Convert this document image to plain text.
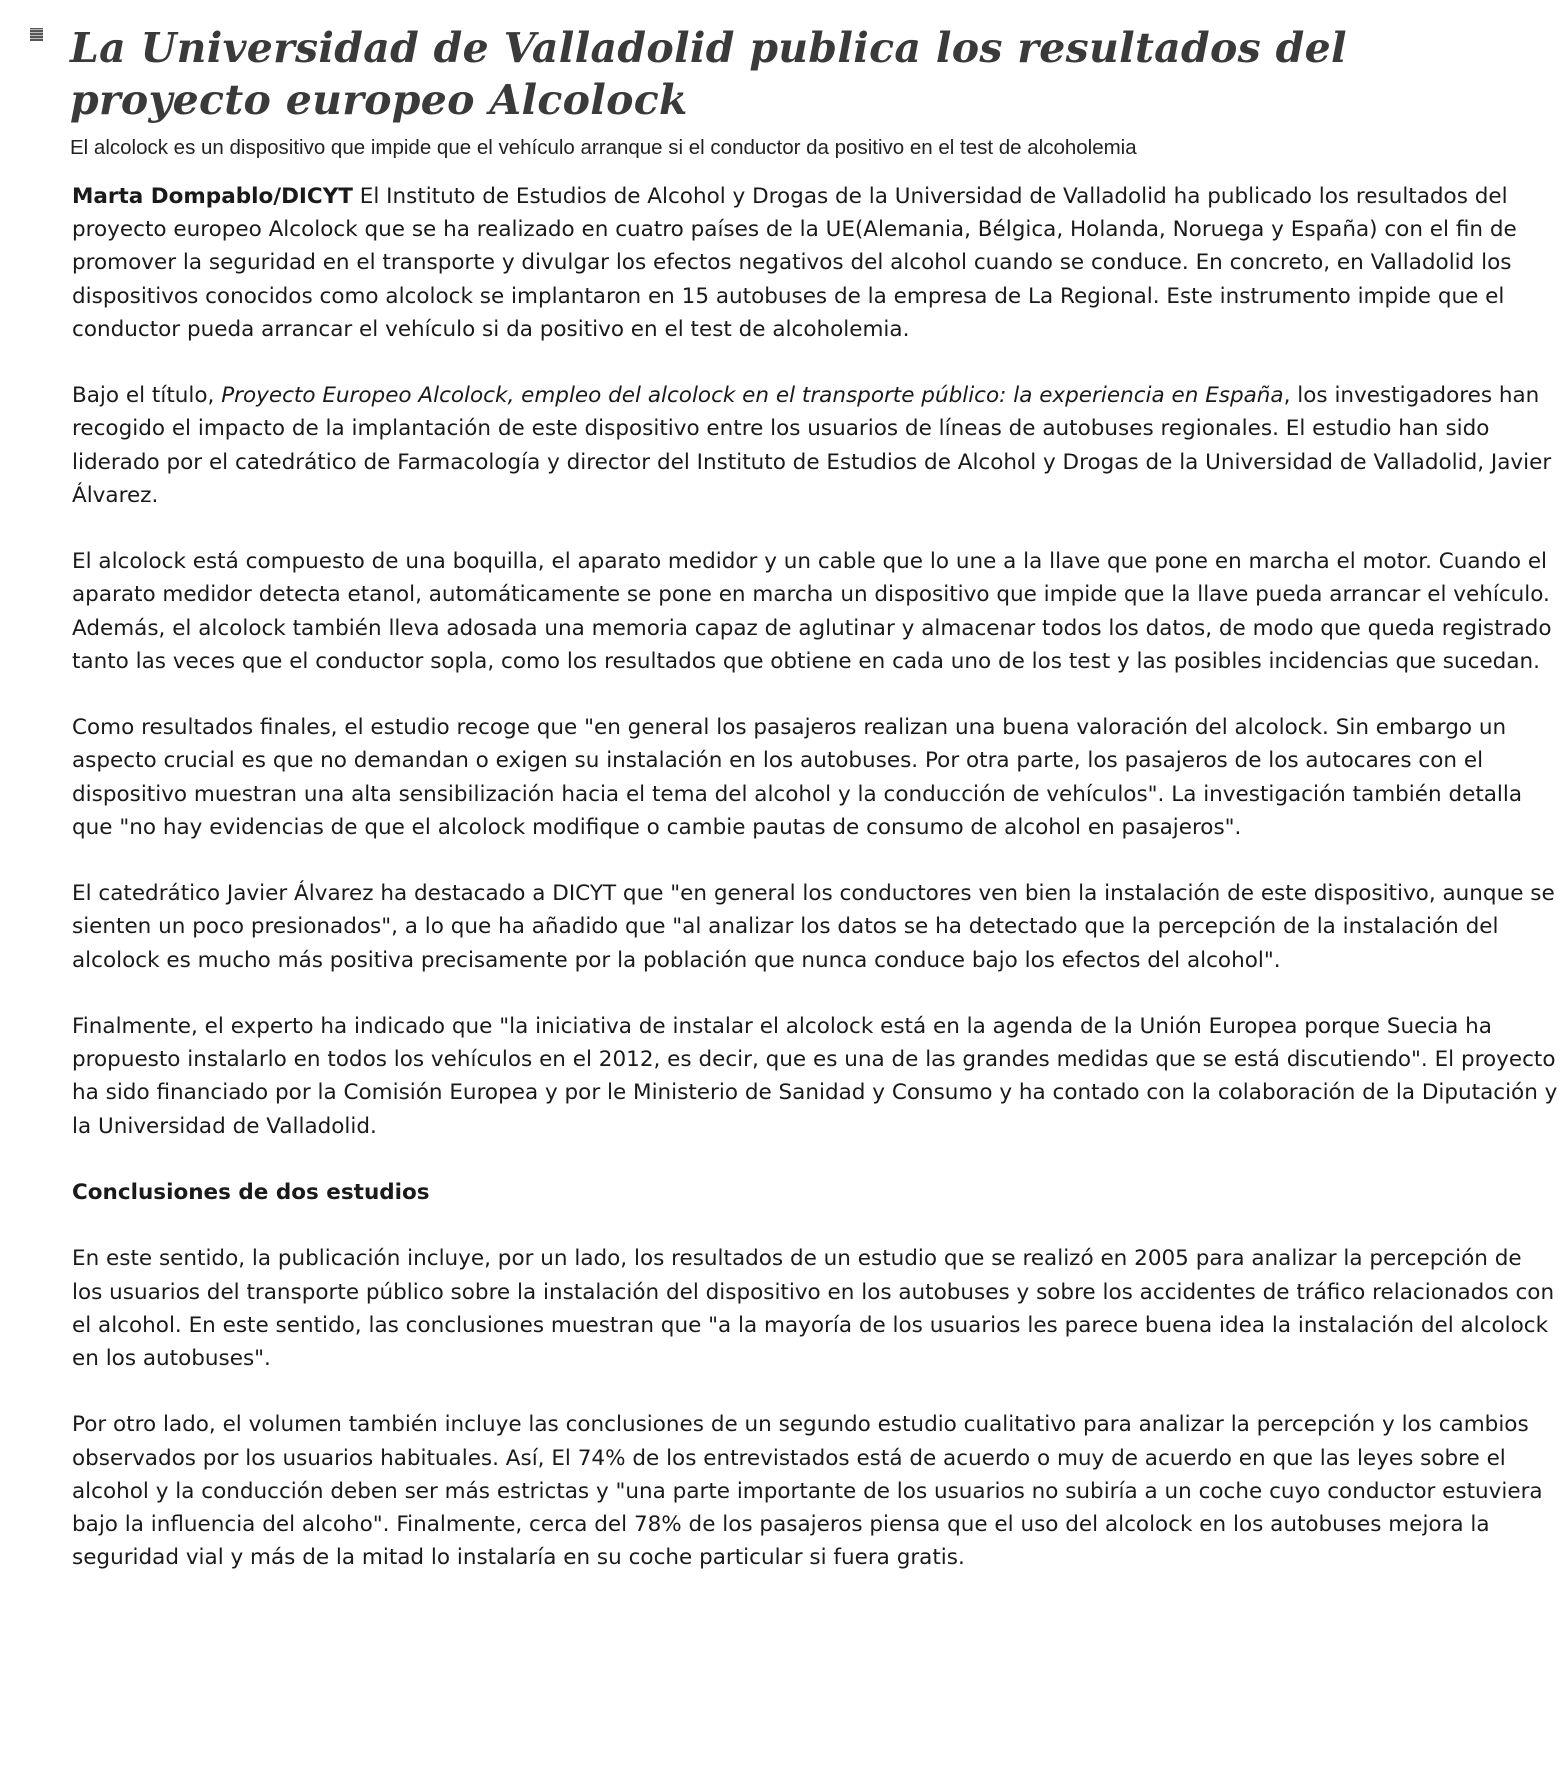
La Universidad de Valladolid publica los resultados del proyecto europeo Alcolock

El alcolock es un dispositivo que impide que el vehículo arranque si el conductor da positivo en el test de alcoholemia

Marta Dompablo/DICYT El Instituto de Estudios de Alcohol y Drogas de la Universidad de Valladolid ha publicado los resultados del proyecto europeo Alcolock que se ha realizado en cuatro países de la UE(Alemania, Bélgica, Holanda, Noruega y España) con el fin de promover la seguridad en el transporte y divulgar los efectos negativos del alcohol cuando se conduce. En concreto, en Valladolid los dispositivos conocidos como alcolock se implantaron en 15 autobuses de la empresa de La Regional. Este instrumento impide que el conductor pueda arrancar el vehículo si da positivo en el test de alcoholemia.

Bajo el título, Proyecto Europeo Alcolock, empleo del alcolock en el transporte público: la experiencia en España, los investigadores han recogido el impacto de la implantación de este dispositivo entre los usuarios de líneas de autobuses regionales. El estudio han sido liderado por el catedrático de Farmacología y director del Instituto de Estudios de Alcohol y Drogas de la Universidad de Valladolid, Javier Álvarez.

El alcolock está compuesto de una boquilla, el aparato medidor y un cable que lo une a la llave que pone en marcha el motor. Cuando el aparato medidor detecta etanol, automáticamente se pone en marcha un dispositivo que impide que la llave pueda arrancar el vehículo. Además, el alcolock también lleva adosada una memoria capaz de aglutinar y almacenar todos los datos, de modo que queda registrado tanto las veces que el conductor sopla, como los resultados que obtiene en cada uno de los test y las posibles incidencias que sucedan.

Como resultados finales, el estudio recoge que "en general los pasajeros realizan una buena valoración del alcolock. Sin embargo un aspecto crucial es que no demandan o exigen su instalación en los autobuses. Por otra parte, los pasajeros de los autocares con el dispositivo muestran una alta sensibilización hacia el tema del alcohol y la conducción de vehículos". La investigación también detalla que "no hay evidencias de que el alcolock modifique o cambie pautas de consumo de alcohol en pasajeros".

El catedrático Javier Álvarez ha destacado a DICYT que "en general los conductores ven bien la instalación de este dispositivo, aunque se sienten un poco presionados", a lo que ha añadido que "al analizar los datos se ha detectado que la percepción de la instalación del alcolock es mucho más positiva precisamente por la población que nunca conduce bajo los efectos del alcohol".

Finalmente, el experto ha indicado que "la iniciativa de instalar el alcolock está en la agenda de la Unión Europea porque Suecia ha propuesto instalarlo en todos los vehículos en el 2012, es decir, que es una de las grandes medidas que se está discutiendo". El proyecto ha sido financiado por la Comisión Europea y por le Ministerio de Sanidad y Consumo y ha contado con la colaboración de la Diputación y la Universidad de Valladolid.

Conclusiones de dos estudios

En este sentido, la publicación incluye, por un lado, los resultados de un estudio que se realizó en 2005 para analizar la percepción de los usuarios del transporte público sobre la instalación del dispositivo en los autobuses y sobre los accidentes de tráfico relacionados con el alcohol. En este sentido, las conclusiones muestran que "a la mayoría de los usuarios les parece buena idea la instalación del alcolock en los autobuses".

Por otro lado, el volumen también incluye las conclusiones de un segundo estudio cualitativo para analizar la percepción y los cambios observados por los usuarios habituales. Así, El 74% de los entrevistados está de acuerdo o muy de acuerdo en que las leyes sobre el alcohol y la conducción deben ser más estrictas y "una parte importante de los usuarios no subiría a un coche cuyo conductor estuviera bajo la influencia del alcoho". Finalmente, cerca del 78% de los pasajeros piensa que el uso del alcolock en los autobuses mejora la seguridad vial y más de la mitad lo instalaría en su coche particular si fuera gratis.
